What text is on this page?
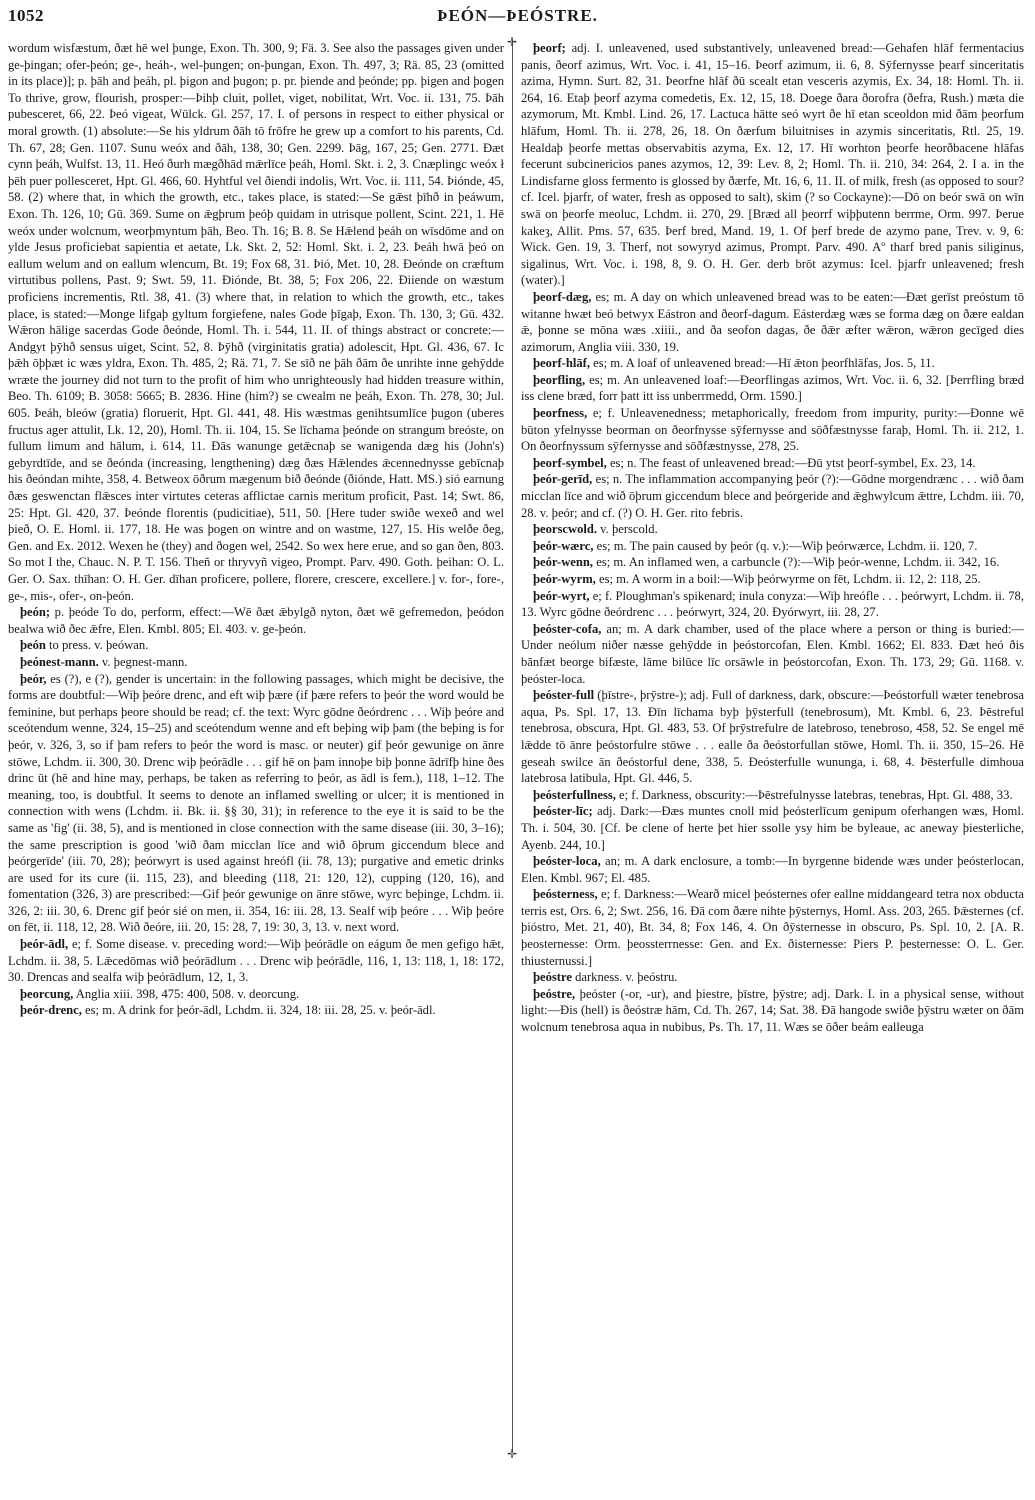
1052	ÞEÓN—ÞEÓSTRE.

wordum wisfæstum, ðæt hē wel þunge, Exon. Th. 300, 9; Fä. 3. See also the passages given under ge-þingan; ofer-þeón; ge-, heáh-, wel-þungen; on-þungan, Exon. Th. 497, 3; Rä. 85, 23 (omitted in its place)]; p. þāh and þeáh, pl. þigon and þugon; p. pr. þiende and þeónde; pp. þigen and þogen To thrive, grow, flourish, prosper:—Þihþ cluit, pollet, viget, nobilitat, Wrt. Voc. ii. 131, 75. Þāh pubesceret, 66, 22. Þeó vigeat, Wülck. Gl. 257, 17. I. of persons in respect to either physical or moral growth. (1) absolute:—Se his yldrum ðāh tō frōfre he grew up a comfort to his parents, Cd. Th. 67, 28; Gen. 1107. Sunu weóx and ðāh, 138, 30; Gen. 2299. Þāg, 167, 25; Gen. 2771. Ðæt cynn þeáh, Wulfst. 13, 11. Heó ðurh mægðhād mǣrlīce þeáh, Homl. Skt. i. 2, 3. Cnæplingc weóx ł þēh puer pollesceret, Hpt. Gl. 466, 60. Hyhtful vel ðiendi indolis, Wrt. Voc. ii. 111, 54. Þiónde, 45, 58. (2) where that, in which the growth, etc., takes place, is stated:—Se gǣst þīhð in þeáwum, Exon. Th. 126, 10; Gū. 369. Sume on ǣgþrum þeóþ quidam in utrisque pollent, Scint. 221, 1. Hē weóx under wolcnum, weorþmyntum þāh, Beo. Th. 16; B. 8. Se Hǣlend þeáh on wīsdōme and on ylde Jesus proficiebat sapientia et aetate, Lk. Skt. 2, 52: Homl. Skt. i. 2, 23. Þeáh hwā þeó on eallum welum and on eallum wlencum, Bt. 19; Fox 68, 31. Þió, Met. 10, 28. Ðeónde on cræftum virtutibus pollens, Past. 9; Swt. 59, 11. Ðiónde, Bt. 38, 5; Fox 206, 22. Ðiiende on wæstum proficiens incrementis, Rtl. 38, 41. (3) where that, in relation to which the growth, etc., takes place, is stated:—Monge lifgaþ gyltum forgiefene, nales Gode þīgaþ, Exon. Th. 130, 3; Gū. 432. Wǣron hālige sacerdas Gode ðeónde, Homl. Th. i. 544, 11. II. of things abstract or concrete:—Andgyt þȳhð sensus uiget, Scint. 52, 8. Þȳhð (virginitatis gratia) adolescit, Hpt. Gl. 436, 67. Ic þǣh ōþþæt ic wæs yldra, Exon. Th. 485, 2; Rä. 71, 7. Se sīð ne þāh ðām ðe unrihte inne gehȳdde wræte the journey did not turn to the profit of him who unrighteously had hidden treasure within, Beo. Th. 6109; B. 3058: 5665; B. 2836. Hine (him?) se cwealm ne þeáh, Exon. Th. 278, 30; Jul. 605. Þeáh, bleów (gratia) floruerit, Hpt. Gl. 441, 48. His wæstmas genihtsumlīce þugon (uberes fructus ager attulit, Lk. 12, 20), Homl. Th. ii. 104, 15. Se līchama þeónde on strangum breóste, on fullum limum and hālum, i. 614, 11. Ðās wanunge getǣcnaþ se wanigenda dæg his (John's) gebyrdtīde, and se ðeónda (increasing, lengthening) dæg ðæs Hǣlendes ǣcennednysse gebīcnaþ his ðeóndan mihte, 358, 4. Betweox ōðrum mægenum bið ðeónde (ðiónde, Hatt. MS.) sió earnung ðæs geswenctan flǣsces inter virtutes ceteras afflictae carnis meritum proficit, Past. 14; Swt. 86, 25: Hpt. Gl. 420, 37. Þeónde florentis (pudicitiae), 511, 50. [Here tuder swiðe wexeð and wel þieð, O. E. Homl. ii. 177, 18. He was þogen on wintre and on wastme, 127, 15. His welðe ðeg, Gen. and Ex. 2012. Wexen he (they) and ðogen wel, 2542. So wex here erue, and so gan ðen, 803. So mot I the, Chauc. N. P. T. 156. Theñ or thryvyñ vigeo, Prompt. Parv. 490. Goth. þeihan: O. L. Ger. O. Sax. thīhan: O. H. Ger. dīhan proficere, pollere, florere, crescere, excellere.] v. for-, fore-, ge-, mis-, ofer-, on-þeón.

þeón; p. þeóde To do, perform, effect:—Wē ðæt ǣbylgð nyton, ðæt wē gefremedon, þeódon bealwa wið ðec ǣfre, Elen. Kmbl. 805; El. 403. v. ge-þeón.

þeón to press. v. þeówan.

þeónest-mann. v. þegnest-mann.

þeór, es (?), e (?), gender is uncertain: in the following passages, which might be decisive, the forms are doubtful:—Wiþ þeóre drenc, and eft wiþ þære (if þære refers to þeór the word would be feminine, but perhaps þeore should be read; cf. the text: Wyrc gōdne ðeórdrenc . . . Wiþ þeóre and sceótendum wenne, 324, 15–25) and sceótendum wenne and eft beþing wiþ þam (the beþing is for þeór, v. 326, 3, so if þam refers to þeór the word is masc. or neuter) gif þeór gewunige on ānre stōwe, Lchdm. ii. 300, 30. Drenc wiþ þeórādle . . . gif hē on þam innoþe biþ þonne ādrīfþ hine ðes drinc ūt (hē and hine may, perhaps, be taken as referring to þeór, as ādl is fem.), 118, 1–12. The meaning, too, is doubtful. It seems to denote an inflamed swelling or ulcer; it is mentioned in connection with wens (Lchdm. ii. Bk. ii. §§ 30, 31); in reference to the eye it is said to be the same as 'fig' (ii. 38, 5), and is mentioned in close connection with the same disease (iii. 30, 3–16); the same prescription is good 'wið ðam micclan līce and wið ōþrum giccendum blece and þeórgerīde' (iii. 70, 28); þeórwyrt is used against hreófl (ii. 78, 13); purgative and emetic drinks are used for its cure (ii. 115, 23), and bleeding (118, 21: 120, 12), cupping (120, 16), and fomentation (326, 3) are prescribed:—Gif þeór gewunige on ānre stōwe, wyrc beþinge, Lchdm. ii. 326, 2: iii. 30, 6. Drenc gif þeór sié on men, ii. 354, 16: iii. 28, 13. Sealf wiþ þeóre . . . Wiþ þeóre on fēt, ii. 118, 12, 28. Wið ðeóre, iii. 20, 15: 28, 7, 19: 30, 3, 13. v. next word.

þeór-ādl, e; f. Some disease. v. preceding word:—Wiþ þeórādle on eágum ðe men gefigo hǣt, Lchdm. ii. 38, 5. Lǣcedōmas wið þeórādlum . . . Drenc wiþ þeórādle, 116, 1, 13: 118, 1, 18: 172, 30. Drencas and sealfa wiþ þeórādlum, 12, 1, 3.

þeorcung, Anglia xiii. 398, 475: 400, 508. v. deorcung.

þeór-drenc, es; m. A drink for þeór-ādl, Lchdm. ii. 324, 18: iii. 28, 25. v. þeór-ādl.

✛
✛

þeorf; adj. I. unleavened, used substantively, unleavened bread:—Gehafen hlāf fermentacius panis, ðeorf azimus, Wrt. Voc. i. 41, 15–16. Þeorf azimum, ii. 6, 8. Sȳfernysse þearf sinceritatis azima, Hymn. Surt. 82, 31. Þeorfne hlāf ðū scealt etan vesceris azymis, Ex. 34, 18: Homl. Th. ii. 264, 16. Etaþ þeorf azyma comedetis, Ex. 12, 15, 18. Doege ðara ðorofra (ðefra, Rush.) mæta die azymorum, Mt. Kmbl. Lind. 26, 17. Lactuca hātte seó wyrt ðe hī etan sceoldon mid ðām þeorfum hlāfum, Homl. Th. ii. 278, 26, 18. On ðærfum biluitnises in azymis sinceritatis, Rtl. 25, 19. Healdaþ þeorfe mettas observabitis azyma, Ex. 12, 17. Hī worhton þeorfe heorðbacene hlāfas fecerunt subcinericios panes azymos, 12, 39: Lev. 8, 2; Homl. Th. ii. 210, 34: 264, 2. I a. in the Lindisfarne gloss fermento is glossed by ðærfe, Mt. 16, 6, 11. II. of milk, fresh (as opposed to sour? cf. Icel. þjarfr, of water, fresh as opposed to salt), skim (? so Cockayne):—Dō on beór swā on wīn swā on þeorfe meoluc, Lchdm. ii. 270, 29. [Bræd all þeorrf wiþþutenn berrme, Orm. 997. Þerue kakeȝ, Allit. Pms. 57, 635. Þerf bred, Mand. 19, 1. Of þerf brede de azymo pane, Trev. v. 9, 6: Wick. Gen. 19, 3. Therf, not sowyryd azimus, Prompt. Parv. 490. Aº tharf bred panis siliginus, sigalinus, Wrt. Voc. i. 198, 8, 9. O. H. Ger. derb brōt azymus: Icel. þjarfr unleavened; fresh (water).]

þeorf-dæg, es; m. A day on which unleavened bread was to be eaten:—Ðæt gerīst preóstum tō witanne hwæt beó betwyx Eástron and ðeorf-dagum. Eásterdæg wæs se forma dæg on ðære ealdan ǣ, þonne se mōna wæs .xiiii., and ða seofon dagas, ðe ðǣr æfter wǣron, wǣron gecīged dies azimorum, Anglia viii. 330, 19.

þeorf-hlāf, es; m. A loaf of unleavened bread:—Hī ǣton þeorfhlāfas, Jos. 5, 11.

þeorfling, es; m. An unleavened loaf:—Ðeorflingas azimos, Wrt. Voc. ii. 6, 32. [Þerrfling bræd iss clene bræd, forr þatt itt iss unberrmedd, Orm. 1590.]

þeorfness, e; f. Unleavenedness; metaphorically, freedom from impurity, purity:—Ðonne wē būton yfelnysse beorman on ðeorfnysse sȳfernysse and sōðfæstnysse faraþ, Homl. Th. ii. 212, 1. On ðeorfnyssum sȳfernysse and sōðfæstnysse, 278, 25.

þeorf-symbel, es; n. The feast of unleavened bread:—Ðū ytst þeorf-symbel, Ex. 23, 14.

þeór-gerīd, es; n. The inflammation accompanying þeór (?):—Gōdne morgendrænc . . . wið ðam micclan līce and wið ōþrum giccendum blece and þeórgeride and ǣghwylcum ǣttre, Lchdm. iii. 70, 28. v. þeór; and cf. (?) O. H. Ger. rito febris.

þeorscwold. v. þerscold.

þeór-wærc, es; m. The pain caused by þeór (q. v.):—Wiþ þeórwærce, Lchdm. ii. 120, 7.

þeór-wenn, es; m. An inflamed wen, a carbuncle (?):—Wiþ þeór-wenne, Lchdm. ii. 342, 16.

þeór-wyrm, es; m. A worm in a boil:—Wiþ þeórwyrme on fēt, Lchdm. ii. 12, 2: 118, 25.

þeór-wyrt, e; f. Ploughman's spikenard; inula conyza:—Wiþ hreófle . . . þeórwyrt, Lchdm. ii. 78, 13. Wyrc gōdne ðeórdrenc . . . þeórwyrt, 324, 20. Ðyórwyrt, iii. 28, 27.

þeóster-cofa, an; m. A dark chamber, used of the place where a person or thing is buried:—Under neólum niðer næsse gehȳdde in þeóstorcofan, Elen. Kmbl. 1662; El. 833. Ðæt heó ðis bānfæt beorge bifæste, lāme bilūce līc orsāwle in þeóstorcofan, Exon. Th. 173, 29; Gū. 1168. v. þeóster-loca.

þeóster-full (þīstre-, þrȳstre-); adj. Full of darkness, dark, obscure:—Þeóstorfull wæter tenebrosa aqua, Ps. Spl. 17, 13. Ðīn līchama byþ þȳsterfull (tenebrosum), Mt. Kmbl. 6, 23. Þēstreful tenebrosa, obscura, Hpt. Gl. 483, 53. Of þrȳstrefulre de latebroso, tenebroso, 458, 52. Se engel mē lǣdde tō ānre þeóstorfulre stōwe . . . ealle ða ðeóstorfullan stōwe, Homl. Th. ii. 350, 15–26. Hē geseah swilce ān ðeóstorful dene, 338, 5. Ðeósterfulle wununga, i. 68, 4. Þēsterfulle dimhoua latebrosa latibula, Hpt. Gl. 446, 5.

þeósterfullness, e; f. Darkness, obscurity:—Þēstrefulnysse latebras, tenebras, Hpt. Gl. 488, 33.

þeóster-līc; adj. Dark:—Ðæs muntes cnoll mid þeósterlīcum genipum oferhangen wæs, Homl. Th. i. 504, 30. [Cf. Þe clene of herte þet hier ssolle ysy him be byleaue, ac aneway þiesterliche, Ayenb. 244, 10.]

þeóster-loca, an; m. A dark enclosure, a tomb:—In byrgenne bidende wæs under þeósterlocan, Elen. Kmbl. 967; El. 485.

þeósterness, e; f. Darkness:—Wearð micel þeósternes ofer eallne middangeard tetra nox obducta terris est, Ors. 6, 2; Swt. 256, 16. Ðā com ðære nihte þȳsternys, Homl. Ass. 203, 265. Þǣsternes (cf. þióstro, Met. 21, 40), Bt. 34, 8; Fox 146, 4. On ðȳsternesse in obscuro, Ps. Spl. 10, 2. [A. R. þeosternesse: Orm. þeossterrnesse: Gen. and Ex. ðisternesse: Piers P. þesternesse: O. L. Ger. thiusternussi.]

þeóstre darkness. v. þeóstru.

þeóstre, þeóster (-or, -ur), and þiestre, þīstre, þȳstre; adj. Dark. I. in a physical sense, without light:—Ðis (hell) is ðeóstræ hām, Cd. Th. 267, 14; Sat. 38. Ðā hangode swiðe þȳstru wæter on ðām wolcnum tenebrosa aqua in nubibus, Ps. Th. 17, 11. Wæs se ōðer beám ealleuga
